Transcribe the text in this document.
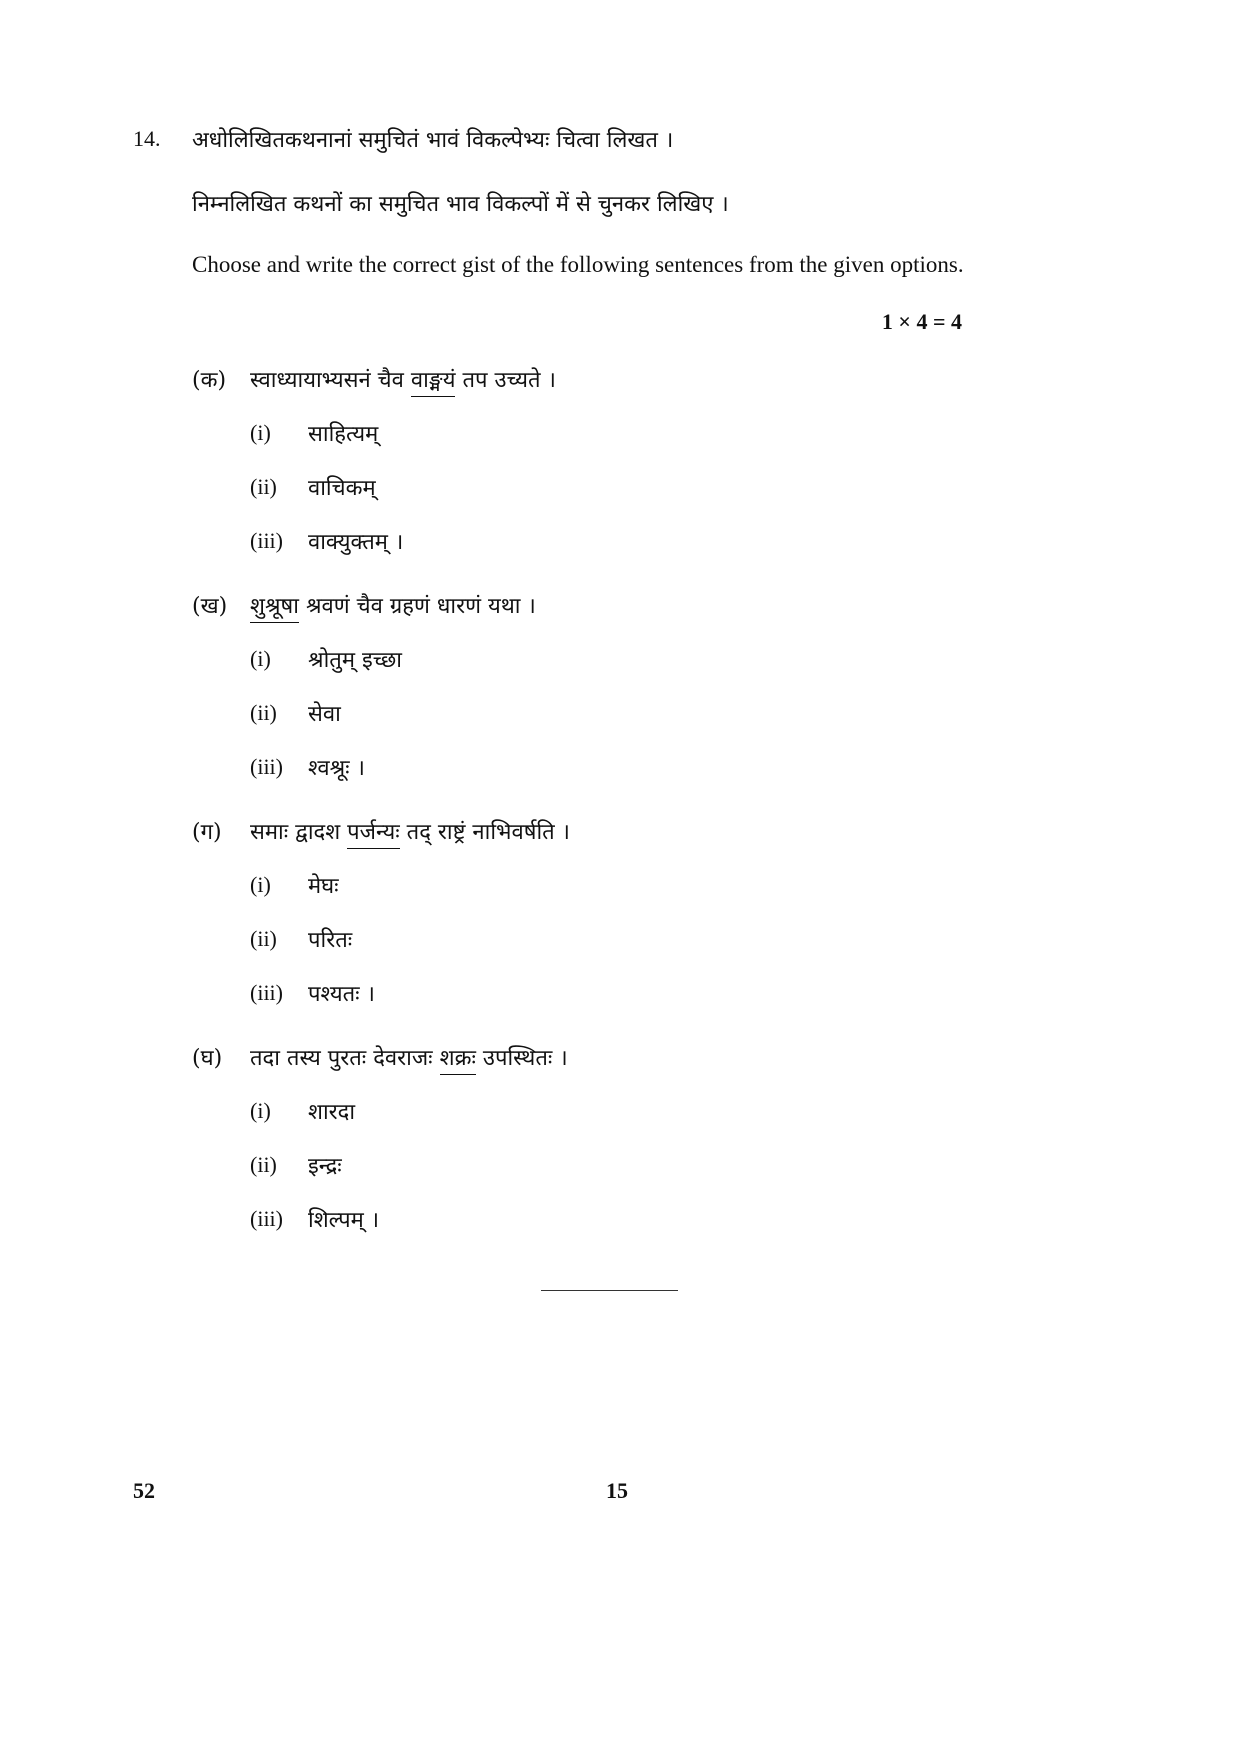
14. अधोलिखितकथनानां समुचितं भावं विकल्पेभ्यः चित्वा लिखत ।
निम्नलिखित कथनों का समुचित भाव विकल्पों में से चुनकर लिखिए ।
Choose and write the correct gist of the following sentences from the given options.
1 × 4 = 4
(क) स्वाध्यायाभ्यसनं चैव वाङ्मयं तप उच्यते ।
(i) साहित्यम्
(ii) वाचिकम्
(iii) वाक्युक्तम् ।
(ख) शुश्रूषा श्रवणं चैव ग्रहणं धारणं यथा ।
(i) श्रोतुम् इच्छा
(ii) सेवा
(iii) श्वश्रूः ।
(ग) समाः द्वादश पर्जन्यः तद् राष्ट्रं नाभिवर्षति ।
(i) मेघः
(ii) परितः
(iii) पश्यतः ।
(घ) तदा तस्य पुरतः देवराजः शक्रः उपस्थितः ।
(i) शारदा
(ii) इन्द्रः
(iii) शिल्पम् ।
52	15
